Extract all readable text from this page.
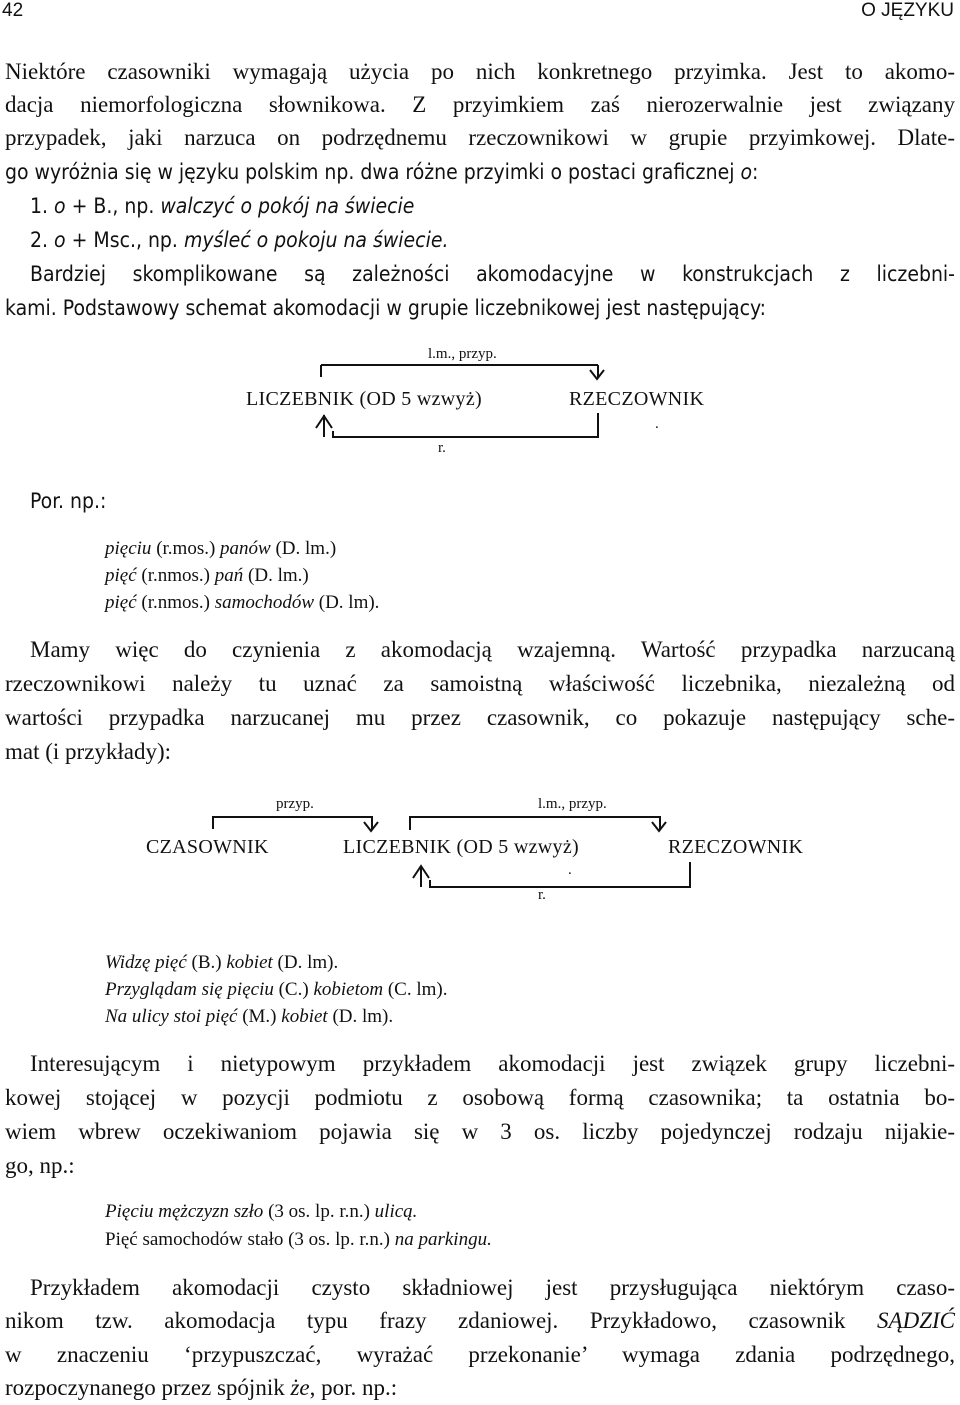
42	O JĘZYKU
Niektóre czasowniki wymagają użycia po nich konkretnego przyimka. Jest to akomo-
dacja niemorfologiczna słownikowa. Z przyimkiem zaś nierozerwalnie jest związany
przypadek, jaki narzuca on podrzędnemu rzeczownikowi w grupie przyimkowej. Dlate-
go wyróżnia się w języku polskim np. dwa różne przyimki o postaci graficznej o:
1. o + B., np. walczyć o pokój na świecie
2. o + Msc., np. myśleć o pokoju na świecie.
Bardziej skomplikowane są zależności akomodacyjne w konstrukcjach z liczebni-
kami. Podstawowy schemat akomodacji w grupie liczebnikowej jest następujący:
l.m., przyp.
LICZEBNIK (OD 5 wzwyż)	RZECZOWNIK
.
r.
Por. np.:
pięciu (r.mos.) panów (D. lm.)
pięć (r.nmos.) pań (D. lm.)
pięć (r.nmos.) samochodów (D. lm).
Mamy więc do czynienia z akomodacją wzajemną. Wartość przypadka narzucaną
rzeczownikowi należy tu uznać za samoistną właściwość liczebnika, niezależną od
wartości przypadka narzucanej mu przez czasownik, co pokazuje następujący sche-
mat (i przykłady):
przyp.	l.m., przyp.
CZASOWNIK	LICZEBNIK (OD 5 wzwyż)	RZECZOWNIK
.
r.
Widzę pięć (B.) kobiet (D. lm).
Przyglądam się pięciu (C.) kobietom (C. lm).
Na ulicy stoi pięć (M.) kobiet (D. lm).
Interesującym i nietypowym przykładem akomodacji jest związek grupy liczebni-
kowej stojącej w pozycji podmiotu z osobową formą czasownika; ta ostatnia bo-
wiem wbrew oczekiwaniom pojawia się w 3 os. liczby pojedynczej rodzaju nijakie-
go, np.:
Pięciu mężczyzn szło (3 os. lp. r.n.) ulicą.
Pięć samochodów stało (3 os. lp. r.n.) na parkingu.
Przykładem akomodacji czysto składniowej jest przysługująca niektórym czaso-
nikom tzw. akomodacja typu frazy zdaniowej. Przykładowo, czasownik SĄDZIĆ
w znaczeniu ‘przypuszczać, wyrażać przekonanie’ wymaga zdania podrzędnego,
rozpoczynanego przez spójnik że, por. np.:
